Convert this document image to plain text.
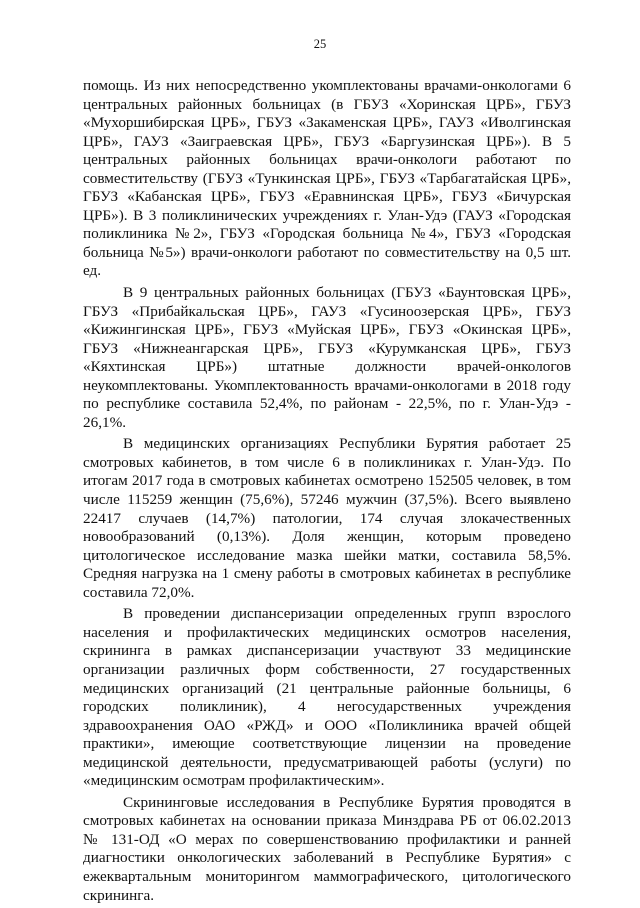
25

помощь. Из них непосредственно укомплектованы врачами-онкологами 6 центральных районных больницах (в ГБУЗ «Хоринская ЦРБ», ГБУЗ «Мухоршибирская ЦРБ», ГБУЗ «Закаменская ЦРБ», ГАУЗ «Иволгинская ЦРБ», ГАУЗ «Заиграевская ЦРБ», ГБУЗ «Баргузинская ЦРБ»). В 5 центральных районных больницах врачи-онкологи работают по совместительству (ГБУЗ «Тункинская ЦРБ», ГБУЗ «Тарбагатайская ЦРБ», ГБУЗ «Кабанская ЦРБ», ГБУЗ «Еравнинская ЦРБ», ГБУЗ «Бичурская ЦРБ»). В 3 поликлинических учреждениях г. Улан-Удэ (ГАУЗ «Городская поликлиника №2», ГБУЗ «Городская больница №4», ГБУЗ «Городская больница №5») врачи-онкологи работают по совместительству на 0,5 шт. ед.

В 9 центральных районных больницах (ГБУЗ «Баунтовская ЦРБ», ГБУЗ «Прибайкальская ЦРБ», ГАУЗ «Гусиноозерская ЦРБ», ГБУЗ «Кижингинская ЦРБ», ГБУЗ «Муйская ЦРБ», ГБУЗ «Окинская ЦРБ», ГБУЗ «Нижнеангарская ЦРБ», ГБУЗ «Курумканская ЦРБ», ГБУЗ «Кяхтинская ЦРБ») штатные должности врачей-онкологов неукомплектованы. Укомплектованность врачами-онкологами в 2018 году по республике составила 52,4%, по районам - 22,5%, по г. Улан-Удэ - 26,1%.

В медицинских организациях Республики Бурятия работает 25 смотровых кабинетов, в том числе 6 в поликлиниках г. Улан-Удэ. По итогам 2017 года в смотровых кабинетах осмотрено 152505 человек, в том числе 115259 женщин (75,6%), 57246 мужчин (37,5%). Всего выявлено 22417 случаев (14,7%) патологии, 174 случая злокачественных новообразований (0,13%). Доля женщин, которым проведено цитологическое исследование мазка шейки матки, составила 58,5%. Средняя нагрузка на 1 смену работы в смотровых кабинетах в республике составила 72,0%.

В проведении диспансеризации определенных групп взрослого населения и профилактических медицинских осмотров населения, скрининга в рамках диспансеризации участвуют 33 медицинские организации различных форм собственности, 27 государственных медицинских организаций (21 центральные районные больницы, 6 городских поликлиник), 4 негосударственных учреждения здравоохранения ОАО «РЖД» и ООО «Поликлиника врачей общей практики», имеющие соответствующие лицензии на проведение медицинской деятельности, предусматривающей работы (услуги) по «медицинским осмотрам профилактическим».

Скрининговые исследования в Республике Бурятия проводятся в смотровых кабинетах на основании приказа Минздрава РБ от 06.02.2013 № 131-ОД «О мерах по совершенствованию профилактики и ранней диагностики онкологических заболеваний в Республике Бурятия» с ежеквартальным мониторингом маммографического, цитологического скрининга.
